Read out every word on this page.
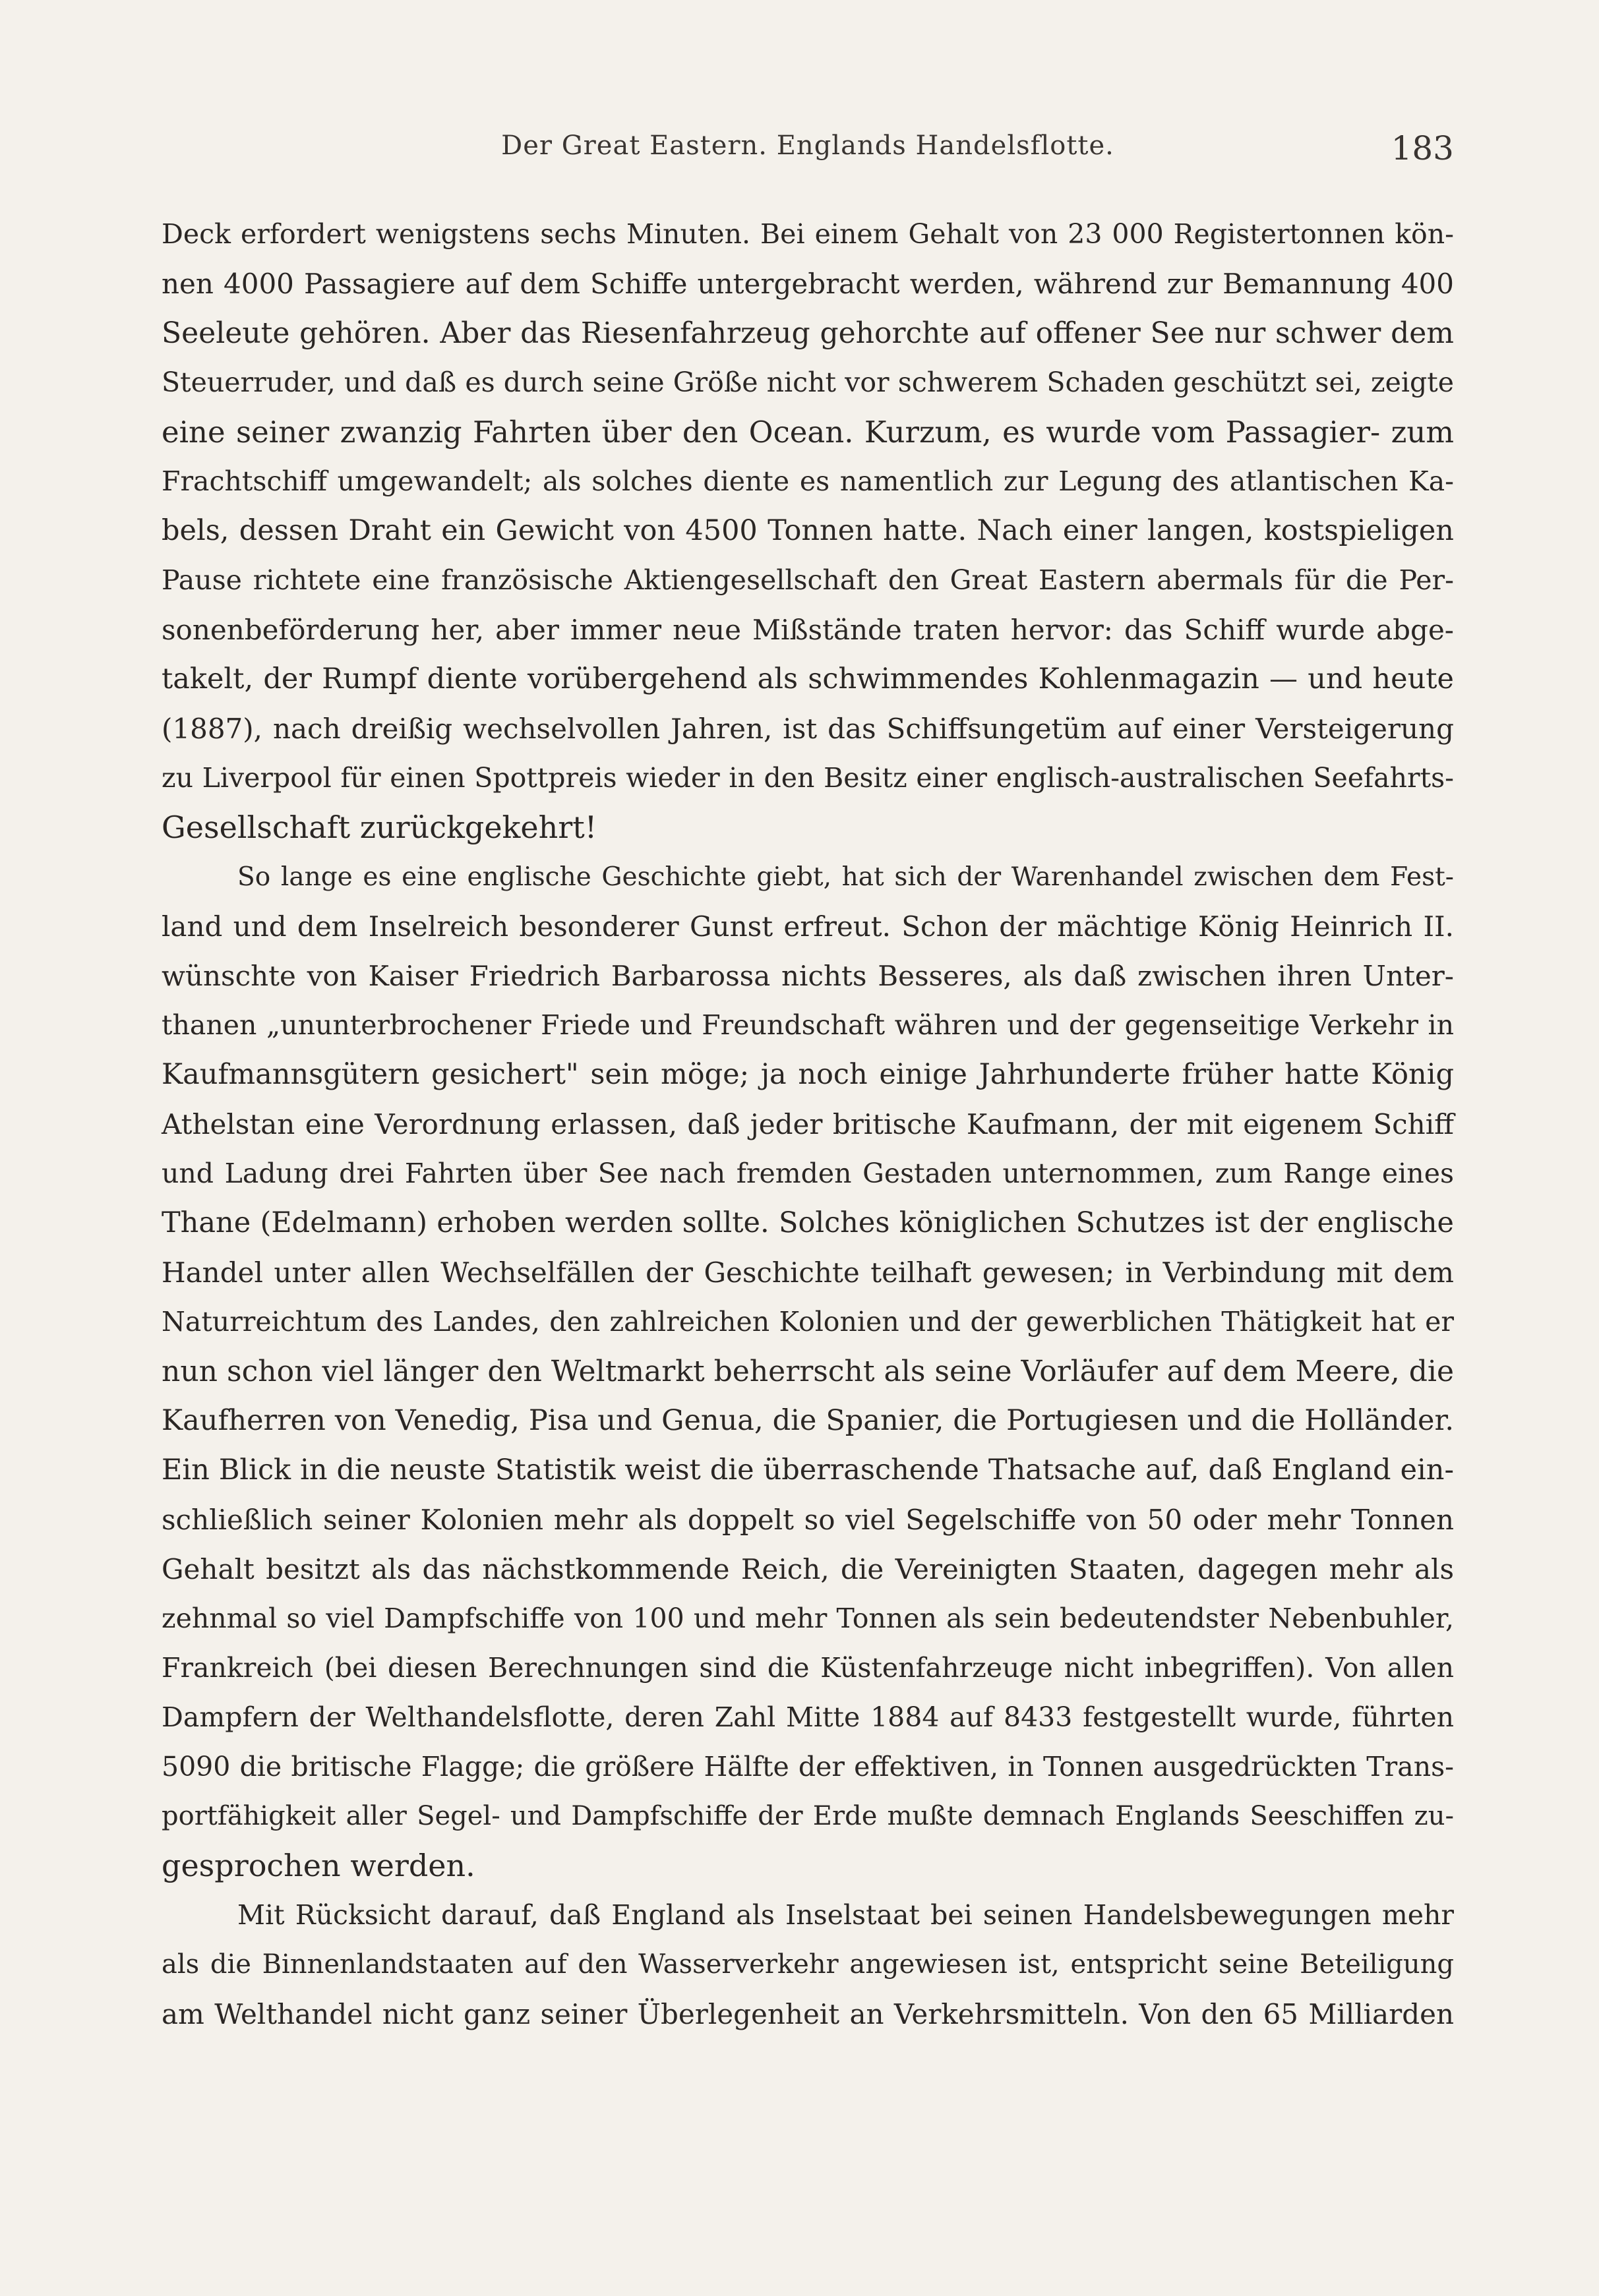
Der Great Eastern. Englands Handelsflotte.	183
Deck erfordert wenigstens sechs Minuten. Bei einem Gehalt von 23 000 Registertonnen kön-
nen 4000 Passagiere auf dem Schiffe untergebracht werden, während zur Bemannung 400
Seeleute gehören. Aber das Riesenfahrzeug gehorchte auf offener See nur schwer dem
Steuerruder, und daß es durch seine Größe nicht vor schwerem Schaden geschützt sei, zeigte
eine seiner zwanzig Fahrten über den Ocean. Kurzum, es wurde vom Passagier- zum
Frachtschiff umgewandelt; als solches diente es namentlich zur Legung des atlantischen Ka-
bels, dessen Draht ein Gewicht von 4500 Tonnen hatte. Nach einer langen, kostspieligen
Pause richtete eine französische Aktiengesellschaft den Great Eastern abermals für die Per-
sonenbeförderung her, aber immer neue Mißstände traten hervor: das Schiff wurde abge-
takelt, der Rumpf diente vorübergehend als schwimmendes Kohlenmagazin — und heute
(1887), nach dreißig wechselvollen Jahren, ist das Schiffsungetüm auf einer Versteigerung
zu Liverpool für einen Spottpreis wieder in den Besitz einer englisch-australischen Seefahrts-
Gesellschaft zurückgekehrt!
So lange es eine englische Geschichte giebt, hat sich der Warenhandel zwischen dem Fest-
land und dem Inselreich besonderer Gunst erfreut. Schon der mächtige König Heinrich II.
wünschte von Kaiser Friedrich Barbarossa nichts Besseres, als daß zwischen ihren Unter-
thanen „ununterbrochener Friede und Freundschaft währen und der gegenseitige Verkehr in
Kaufmannsgütern gesichert" sein möge; ja noch einige Jahrhunderte früher hatte König
Athelstan eine Verordnung erlassen, daß jeder britische Kaufmann, der mit eigenem Schiff
und Ladung drei Fahrten über See nach fremden Gestaden unternommen, zum Range eines
Thane (Edelmann) erhoben werden sollte. Solches königlichen Schutzes ist der englische
Handel unter allen Wechselfällen der Geschichte teilhaft gewesen; in Verbindung mit dem
Naturreichtum des Landes, den zahlreichen Kolonien und der gewerblichen Thätigkeit hat er
nun schon viel länger den Weltmarkt beherrscht als seine Vorläufer auf dem Meere, die
Kaufherren von Venedig, Pisa und Genua, die Spanier, die Portugiesen und die Holländer.
Ein Blick in die neuste Statistik weist die überraschende Thatsache auf, daß England ein-
schließlich seiner Kolonien mehr als doppelt so viel Segelschiffe von 50 oder mehr Tonnen
Gehalt besitzt als das nächstkommende Reich, die Vereinigten Staaten, dagegen mehr als
zehnmal so viel Dampfschiffe von 100 und mehr Tonnen als sein bedeutendster Nebenbuhler,
Frankreich (bei diesen Berechnungen sind die Küstenfahrzeuge nicht inbegriffen). Von allen
Dampfern der Welthandelsflotte, deren Zahl Mitte 1884 auf 8433 festgestellt wurde, führten
5090 die britische Flagge; die größere Hälfte der effektiven, in Tonnen ausgedrückten Trans-
portfähigkeit aller Segel- und Dampfschiffe der Erde mußte demnach Englands Seeschiffen zu-
gesprochen werden.
Mit Rücksicht darauf, daß England als Inselstaat bei seinen Handelsbewegungen mehr
als die Binnenlandstaaten auf den Wasserverkehr angewiesen ist, entspricht seine Beteiligung
am Welthandel nicht ganz seiner Überlegenheit an Verkehrsmitteln. Von den 65 Milliarden
